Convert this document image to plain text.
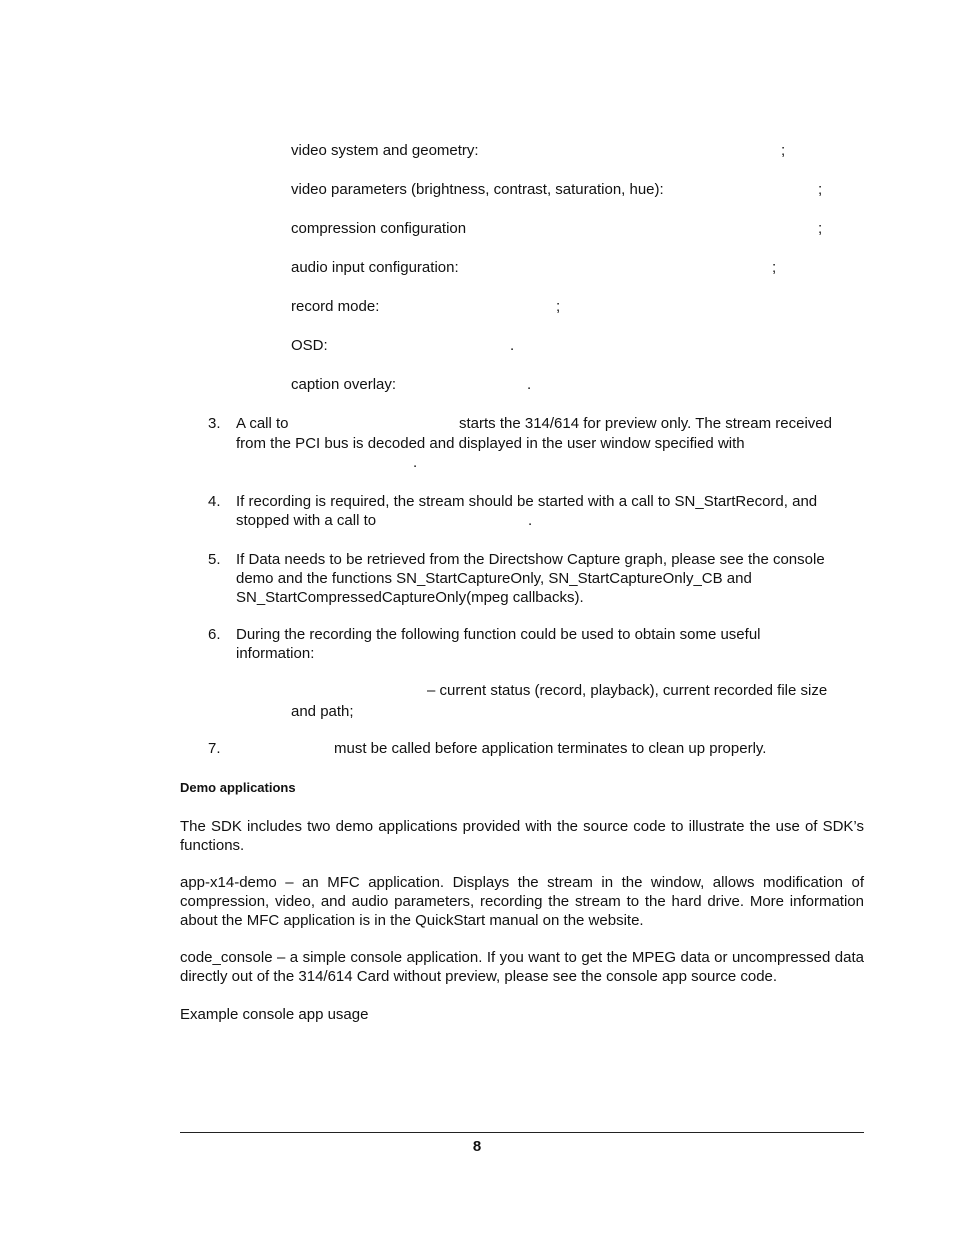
video system and geometry:	;
video parameters (brightness, contrast, saturation, hue):	;
compression configuration	;
audio input configuration:	;
record mode:	;
OSD:	.
caption overlay:	.
3. A call to	starts the 314/614 for preview only. The stream received
from the PCI bus is decoded and displayed in the user window specified with
.
4. If recording is required, the stream should be started with a call to SN_StartRecord, and
stopped with a call to	.
5. If Data needs to be retrieved from the Directshow Capture graph, please see the console
demo and the functions SN_StartCaptureOnly, SN_StartCaptureOnly_CB and
SN_StartCompressedCaptureOnly(mpeg callbacks).
6. During the recording the following function could be used to obtain some useful
information:
– current status (record, playback), current recorded file size
and path;
7.	must be called before application terminates to clean up properly.
Demo applications
The SDK includes two demo applications provided with the source code to illustrate the use of SDK’s functions.
app-x14-demo – an MFC application. Displays the stream in the window, allows modification of compression, video, and audio parameters, recording the stream to the hard drive. More information about the MFC application is in the QuickStart manual on the website.
code_console – a simple console application. If you want to get the MPEG data or uncompressed data directly out of the 314/614 Card without preview, please see the console app source code.
Example console app usage
8
